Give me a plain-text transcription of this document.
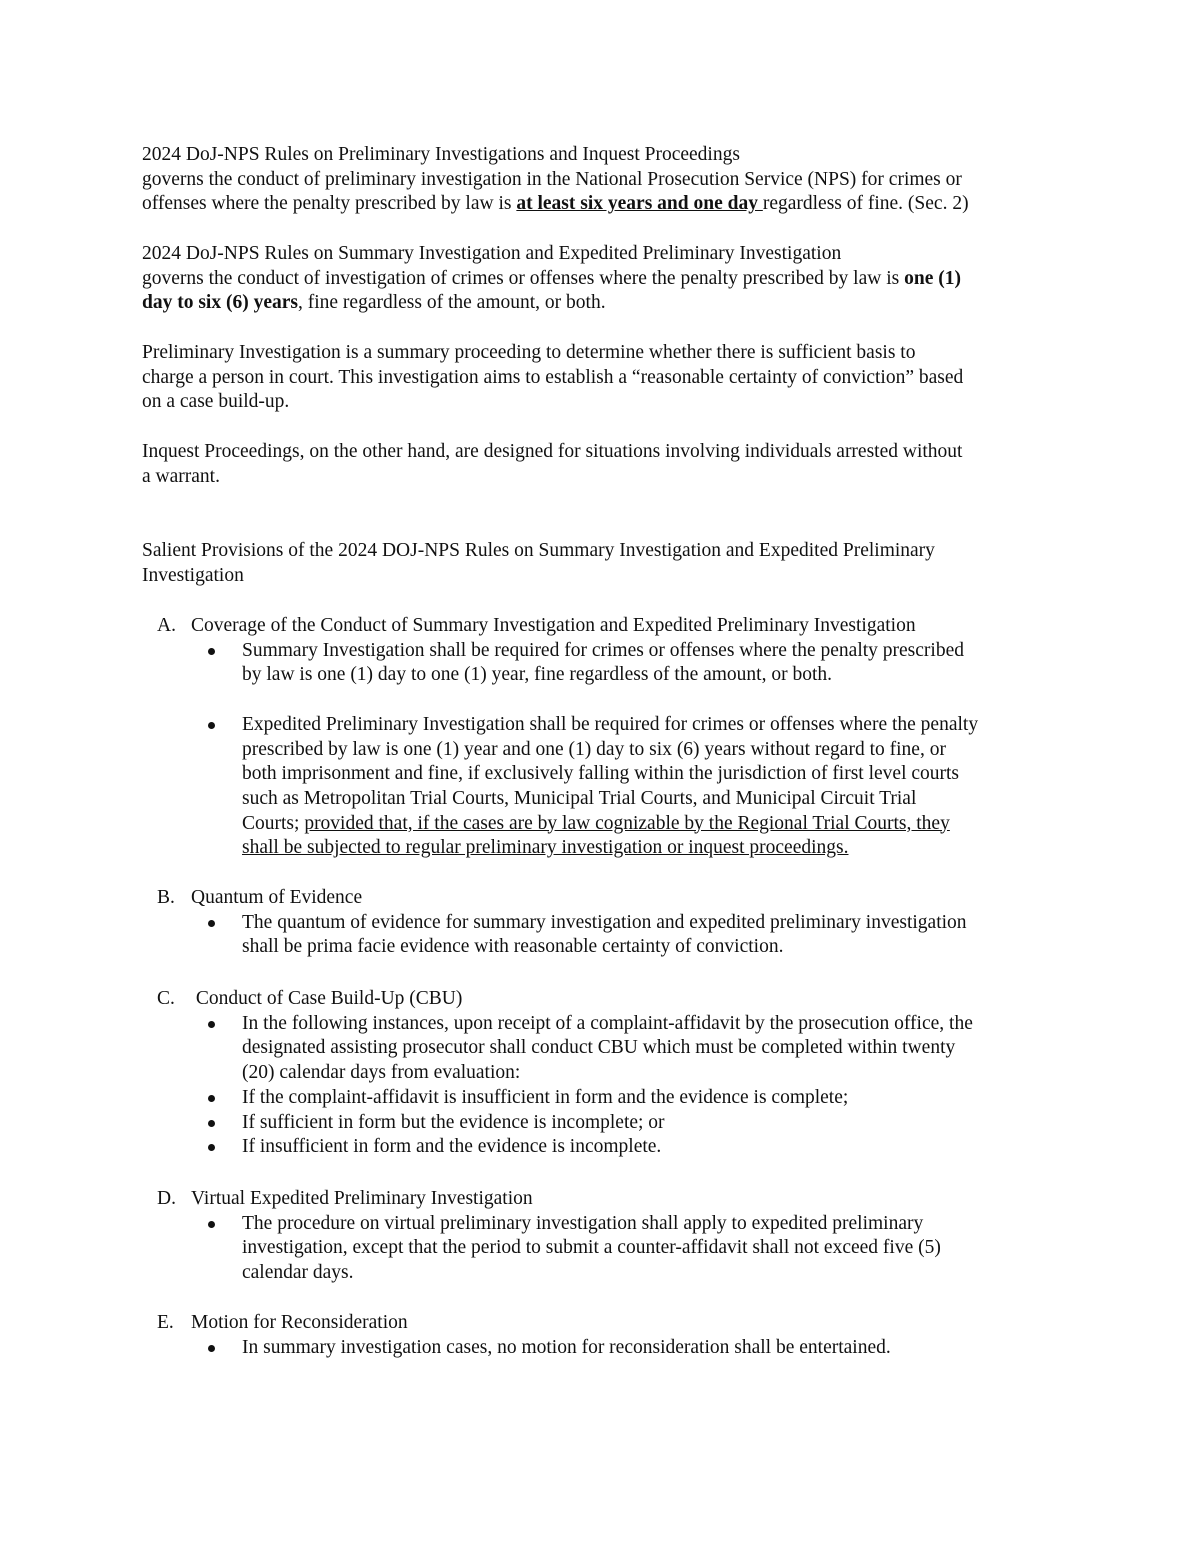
2024 DoJ-NPS Rules on Preliminary Investigations and Inquest Proceedings

governs the conduct of preliminary investigation in the National Prosecution Service (NPS) for crimes or

offenses where the penalty prescribed by law is at least six years and one day regardless of fine. (Sec. 2)

2024 DoJ-NPS Rules on Summary Investigation and Expedited Preliminary Investigation

governs the conduct of investigation of crimes or offenses where the penalty prescribed by law is one (1)

day to six (6) years, fine regardless of the amount, or both.

Preliminary Investigation is a summary proceeding to determine whether there is sufficient basis to

charge a person in court. This investigation aims to establish a “reasonable certainty of conviction” based

on a case build-up.

Inquest Proceedings, on the other hand, are designed for situations involving individuals arrested without

a warrant.

Salient Provisions of the 2024 DOJ-NPS Rules on Summary Investigation and Expedited Preliminary

Investigation

A. Coverage of the Conduct of Summary Investigation and Expedited Preliminary Investigation

Summary Investigation shall be required for crimes or offenses where the penalty prescribed

by law is one (1) day to one (1) year, fine regardless of the amount, or both.

Expedited Preliminary Investigation shall be required for crimes or offenses where the penalty

prescribed by law is one (1) year and one (1) day to six (6) years without regard to fine, or

both imprisonment and fine, if exclusively falling within the jurisdiction of first level courts

such as Metropolitan Trial Courts, Municipal Trial Courts, and Municipal Circuit Trial

Courts; provided that, if the cases are by law cognizable by the Regional Trial Courts, they

shall be subjected to regular preliminary investigation or inquest proceedings.

B. Quantum of Evidence

The quantum of evidence for summary investigation and expedited preliminary investigation

shall be prima facie evidence with reasonable certainty of conviction.

C. Conduct of Case Build-Up (CBU)

In the following instances, upon receipt of a complaint-affidavit by the prosecution office, the

designated assisting prosecutor shall conduct CBU which must be completed within twenty

(20) calendar days from evaluation:

If the complaint-affidavit is insufficient in form and the evidence is complete;

If sufficient in form but the evidence is incomplete; or

If insufficient in form and the evidence is incomplete.

D. Virtual Expedited Preliminary Investigation

The procedure on virtual preliminary investigation shall apply to expedited preliminary

investigation, except that the period to submit a counter-affidavit shall not exceed five (5)

calendar days.

E. Motion for Reconsideration

In summary investigation cases, no motion for reconsideration shall be entertained.
